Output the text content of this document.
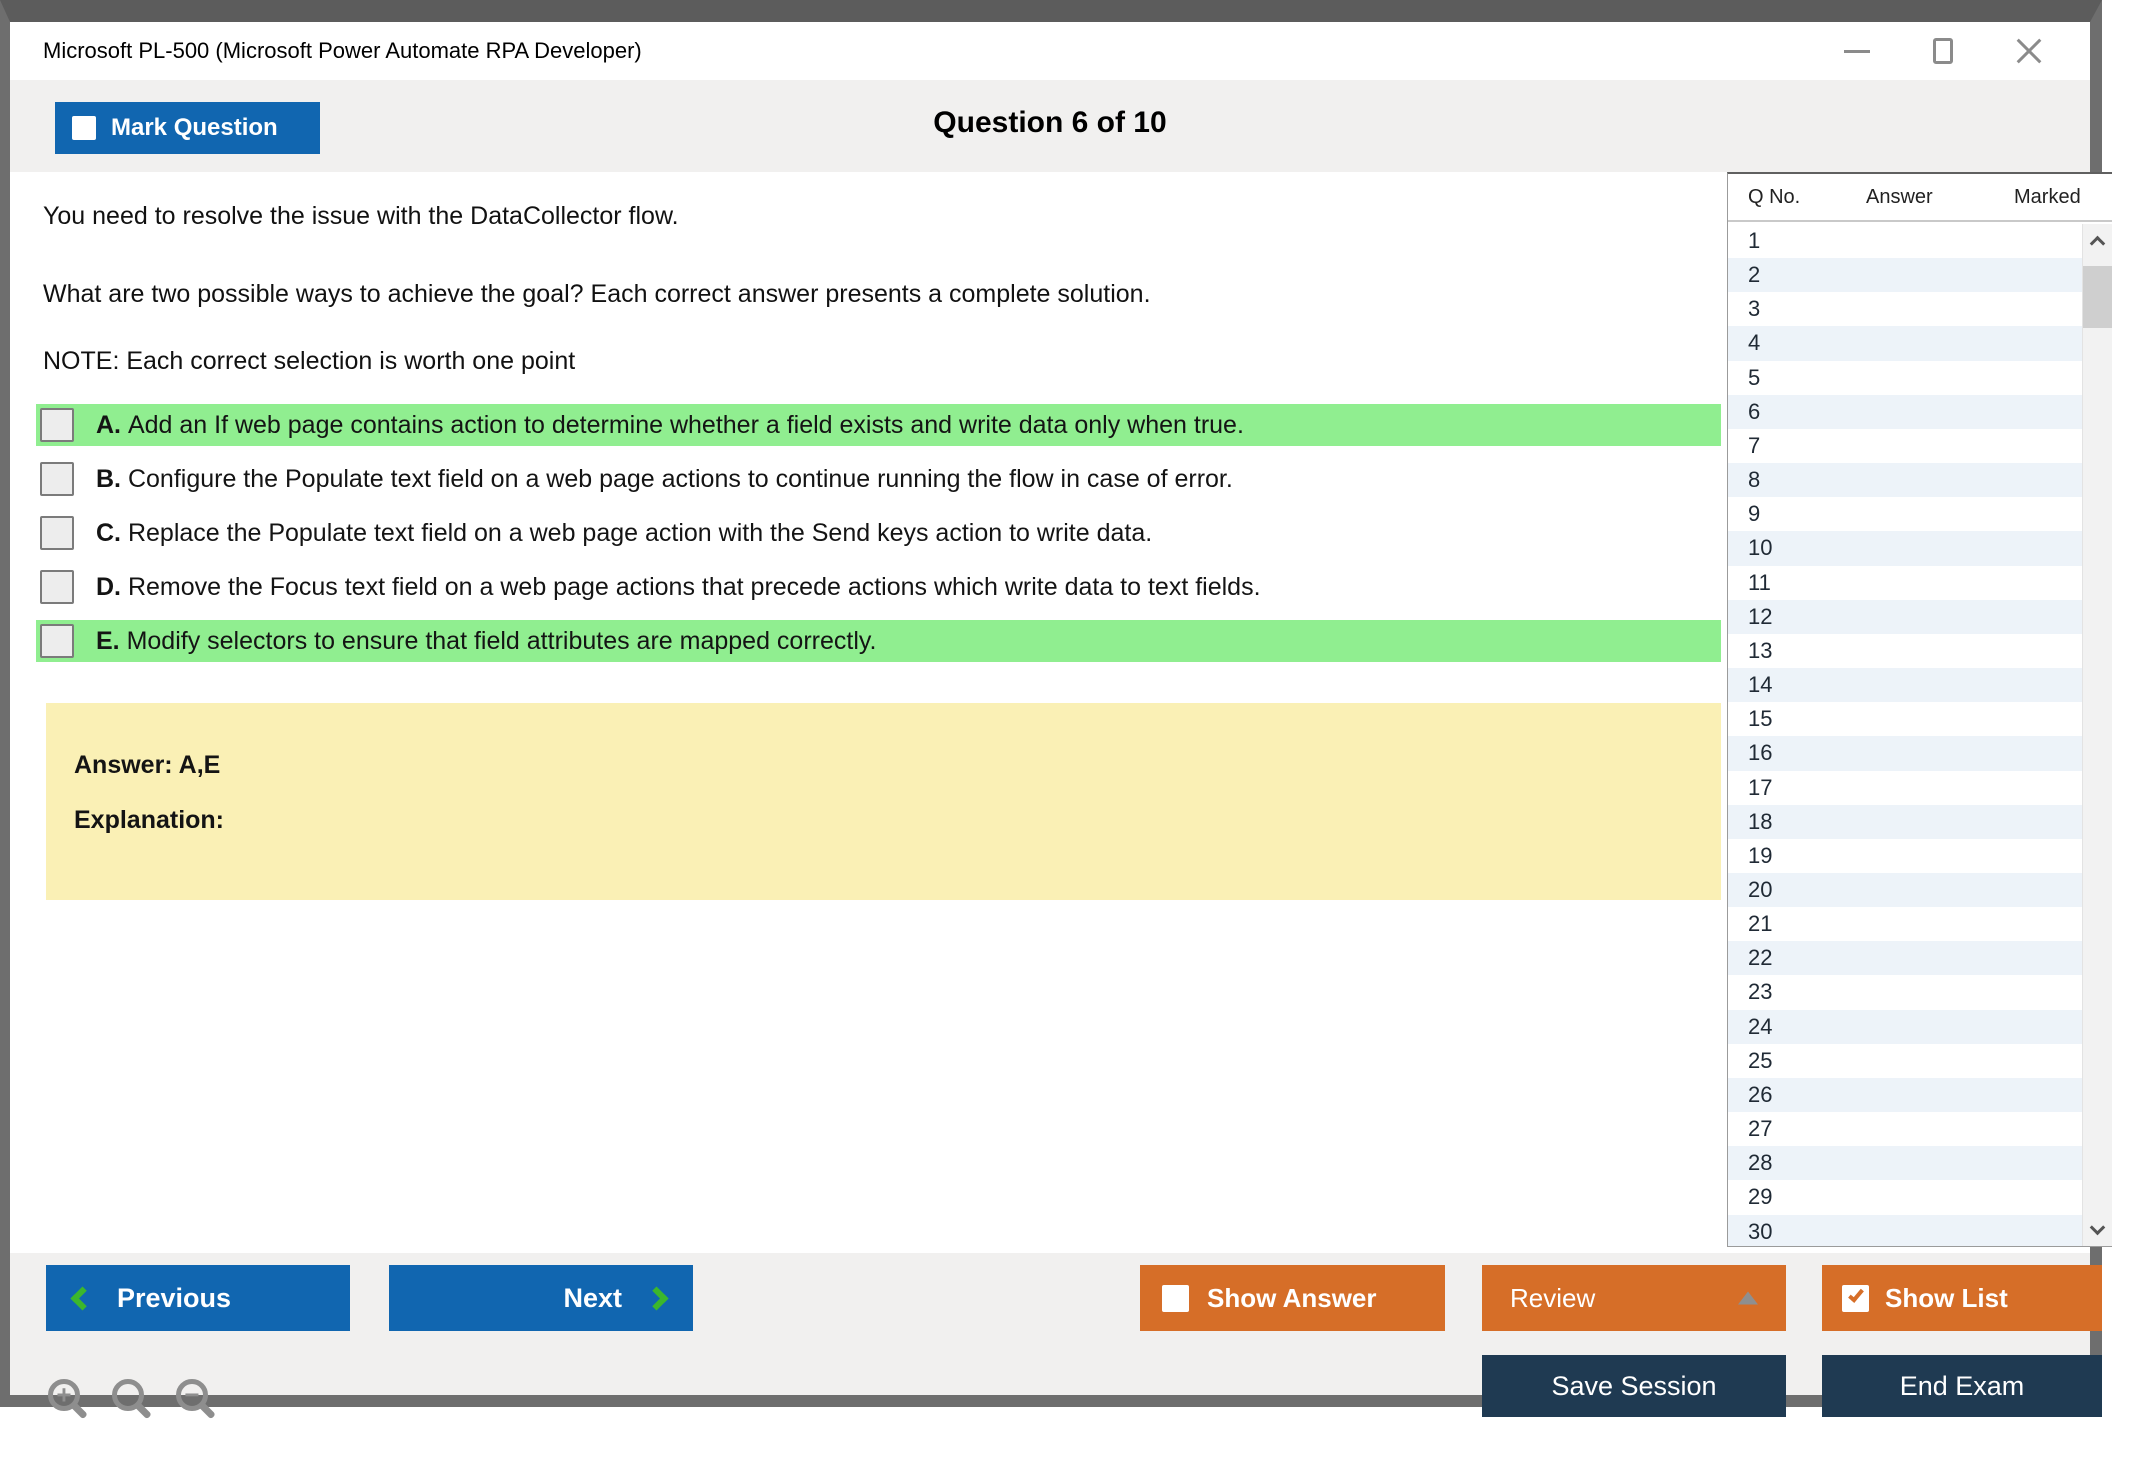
Microsoft PL-500 (Microsoft Power Automate RPA Developer)
Mark Question	Question 6 of 10

You need to resolve the issue with the DataCollector flow.

What are two possible ways to achieve the goal? Each correct answer presents a complete solution.

NOTE: Each correct selection is worth one point

A. Add an If web page contains action to determine whether a field exists and write data only when true.
B. Configure the Populate text field on a web page actions to continue running the flow in case of error.
C. Replace the Populate text field on a web page action with the Send keys action to write data.
D. Remove the Focus text field on a web page actions that precede actions which write data to text fields.
E. Modify selectors to ensure that field attributes are mapped correctly.

Answer: A,E

Explanation:

Q No.	Answer	Marked
1
2
3
4
5
6
7
8
9
10
11
12
13
14
15
16
17
18
19
20
21
22
23
24
25
26
27
28
29
30
Previous	Next	Show Answer	Review	Show List
Save Session	End Exam
+
−
